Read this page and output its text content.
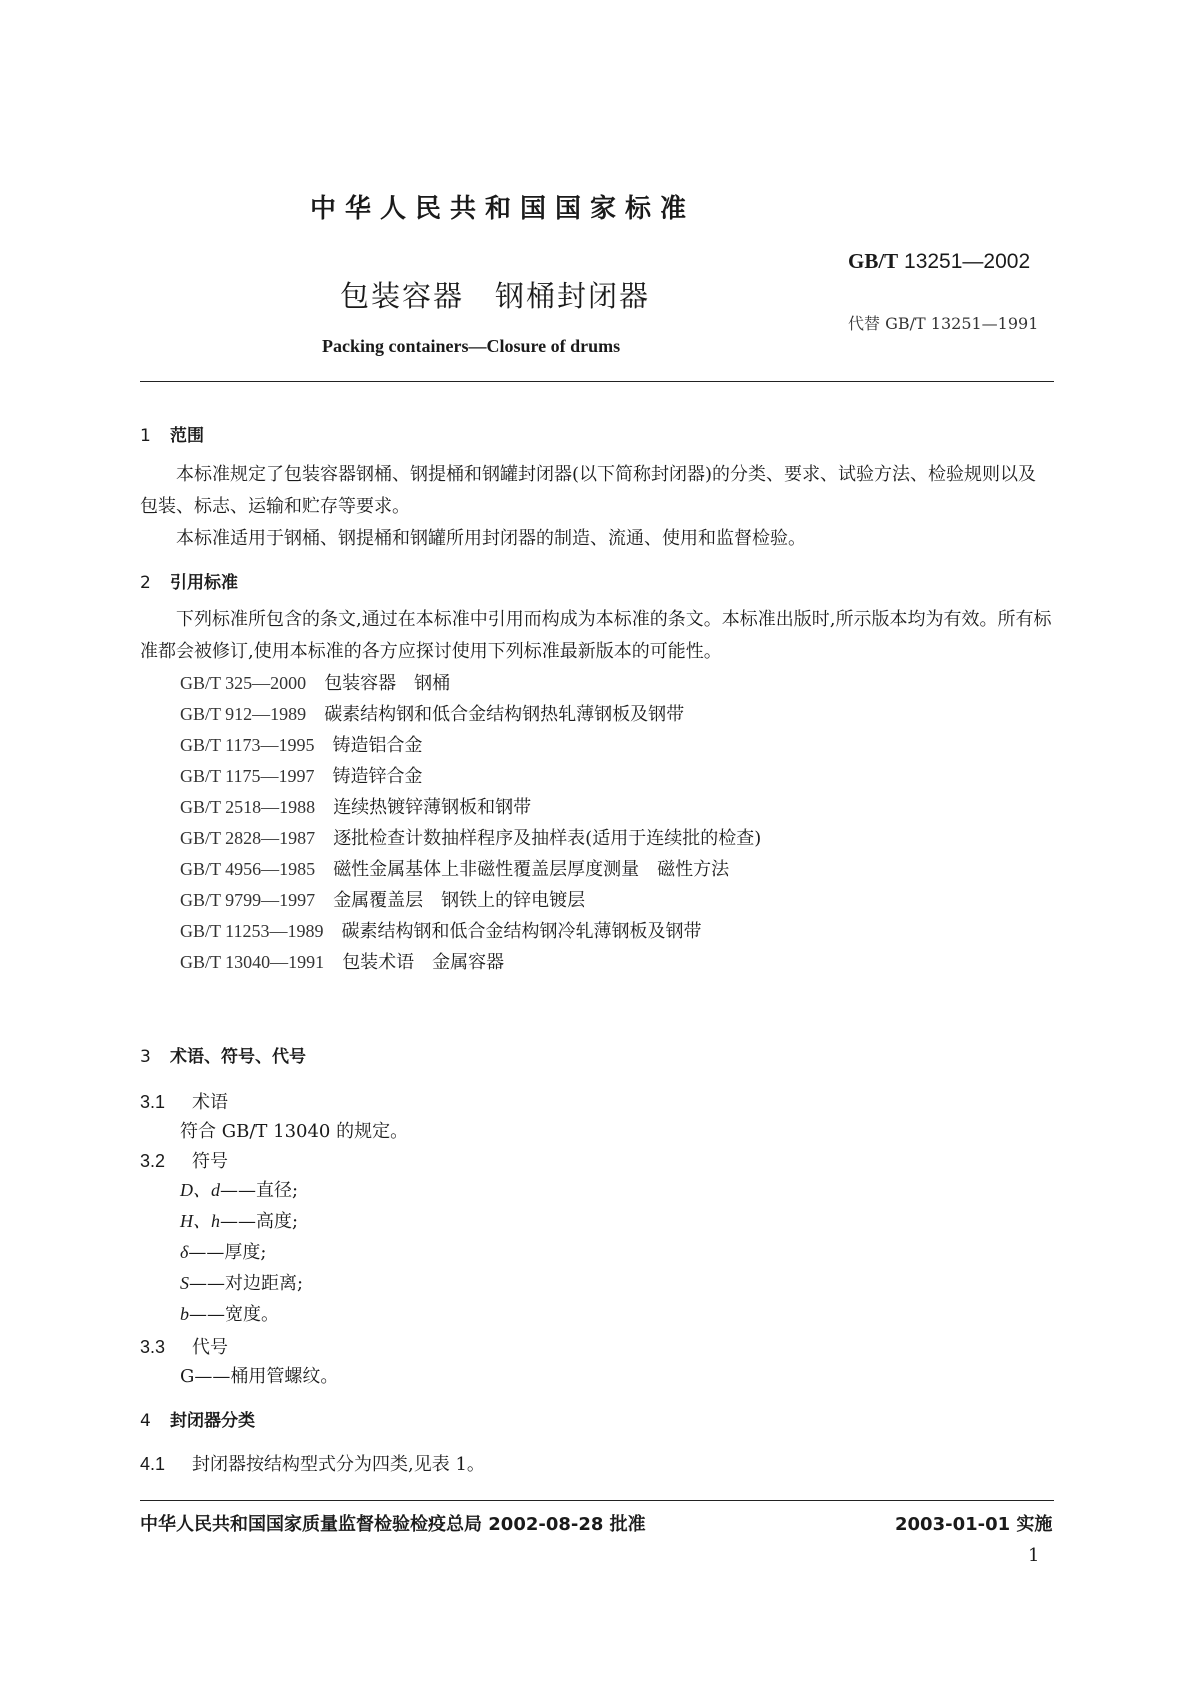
中华人民共和国国家标准
GB/T 13251—2002
包装容器　钢桶封闭器
代替 GB/T 13251—1991
Packing containers—Closure of drums
1 范围

本标准规定了包装容器钢桶、钢提桶和钢罐封闭器(以下简称封闭器)的分类、要求、试验方法、检验规则以及包装、标志、运输和贮存等要求。

本标准适用于钢桶、钢提桶和钢罐所用封闭器的制造、流通、使用和监督检验。

2 引用标准

下列标准所包含的条文,通过在本标准中引用而构成为本标准的条文。本标准出版时,所示版本均为有效。所有标准都会被修订,使用本标准的各方应探讨使用下列标准最新版本的可能性。

GB/T 325—2000　 包装容器　钢桶
GB/T 912—1989　 碳素结构钢和低合金结构钢热轧薄钢板及钢带
GB/T 1173—1995　 铸造铝合金
GB/T 1175—1997　 铸造锌合金
GB/T 2518—1988　 连续热镀锌薄钢板和钢带
GB/T 2828—1987　 逐批检查计数抽样程序及抽样表(适用于连续批的检查)
GB/T 4956—1985　 磁性金属基体上非磁性覆盖层厚度测量　磁性方法
GB/T 9799—1997　 金属覆盖层　钢铁上的锌电镀层
GB/T 11253—1989　 碳素结构钢和低合金结构钢冷轧薄钢板及钢带
GB/T 13040—1991　 包装术语　金属容器
3 术语、符号、代号
3.1 术语
符合 GB/T 13040 的规定。
3.2 符号
D、d——直径;
H、h——高度;
δ——厚度;
S——对边距离;
b——宽度。
3.3 代号
G——桶用管螺纹。
4 封闭器分类
4.1 封闭器按结构型式分为四类,见表 1。
中华人民共和国国家质量监督检验检疫总局 2002-08-28 批准	2003-01-01 实施
1
